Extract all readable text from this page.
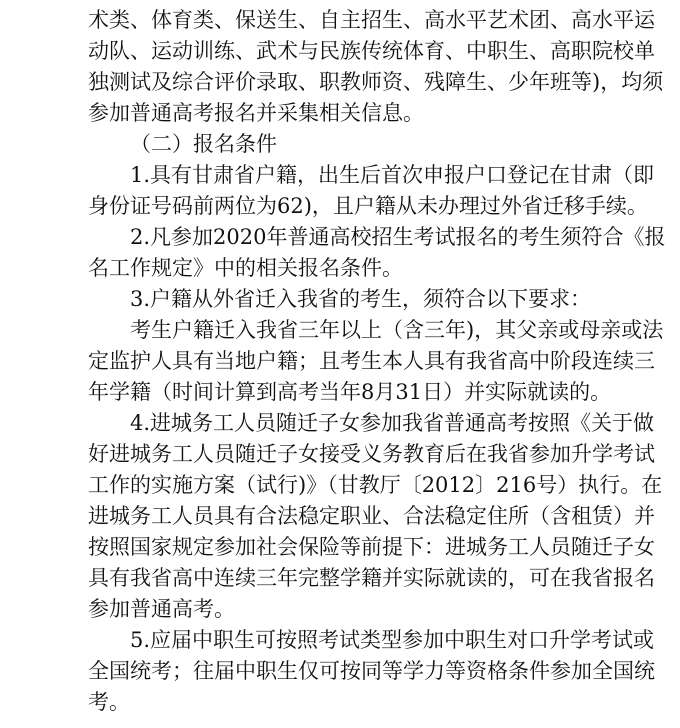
术类、体育类、保送生、自主招生、高水平艺术团、高水平运
动队、运动训练、武术与民族传统体育、中职生、高职院校单
独测试及综合评价录取、职教师资、残障生、少年班等)，均须
参加普通高考报名并采集相关信息。
（二）报名条件
1.具有甘肃省户籍，出生后首次申报户口登记在甘肃（即
身份证号码前两位为62)，且户籍从未办理过外省迁移手续。
2.凡参加2020年普通高校招生考试报名的考生须符合《报
名工作规定》中的相关报名条件。
3.户籍从外省迁入我省的考生，须符合以下要求：
考生户籍迁入我省三年以上（含三年)，其父亲或母亲或法
定监护人具有当地户籍；且考生本人具有我省高中阶段连续三
年学籍（时间计算到高考当年8月31日）并实际就读的。
4.进城务工人员随迁子女参加我省普通高考按照《关于做
好进城务工人员随迁子女接受义务教育后在我省参加升学考试
工作的实施方案（试行)》（甘教厅〔2012〕216号）执行。在
进城务工人员具有合法稳定职业、合法稳定住所（含租赁）并
按照国家规定参加社会保险等前提下：进城务工人员随迁子女
具有我省高中连续三年完整学籍并实际就读的，可在我省报名
参加普通高考。
5.应届中职生可按照考试类型参加中职生对口升学考试或
全国统考；往届中职生仅可按同等学力等资格条件参加全国统
考。
